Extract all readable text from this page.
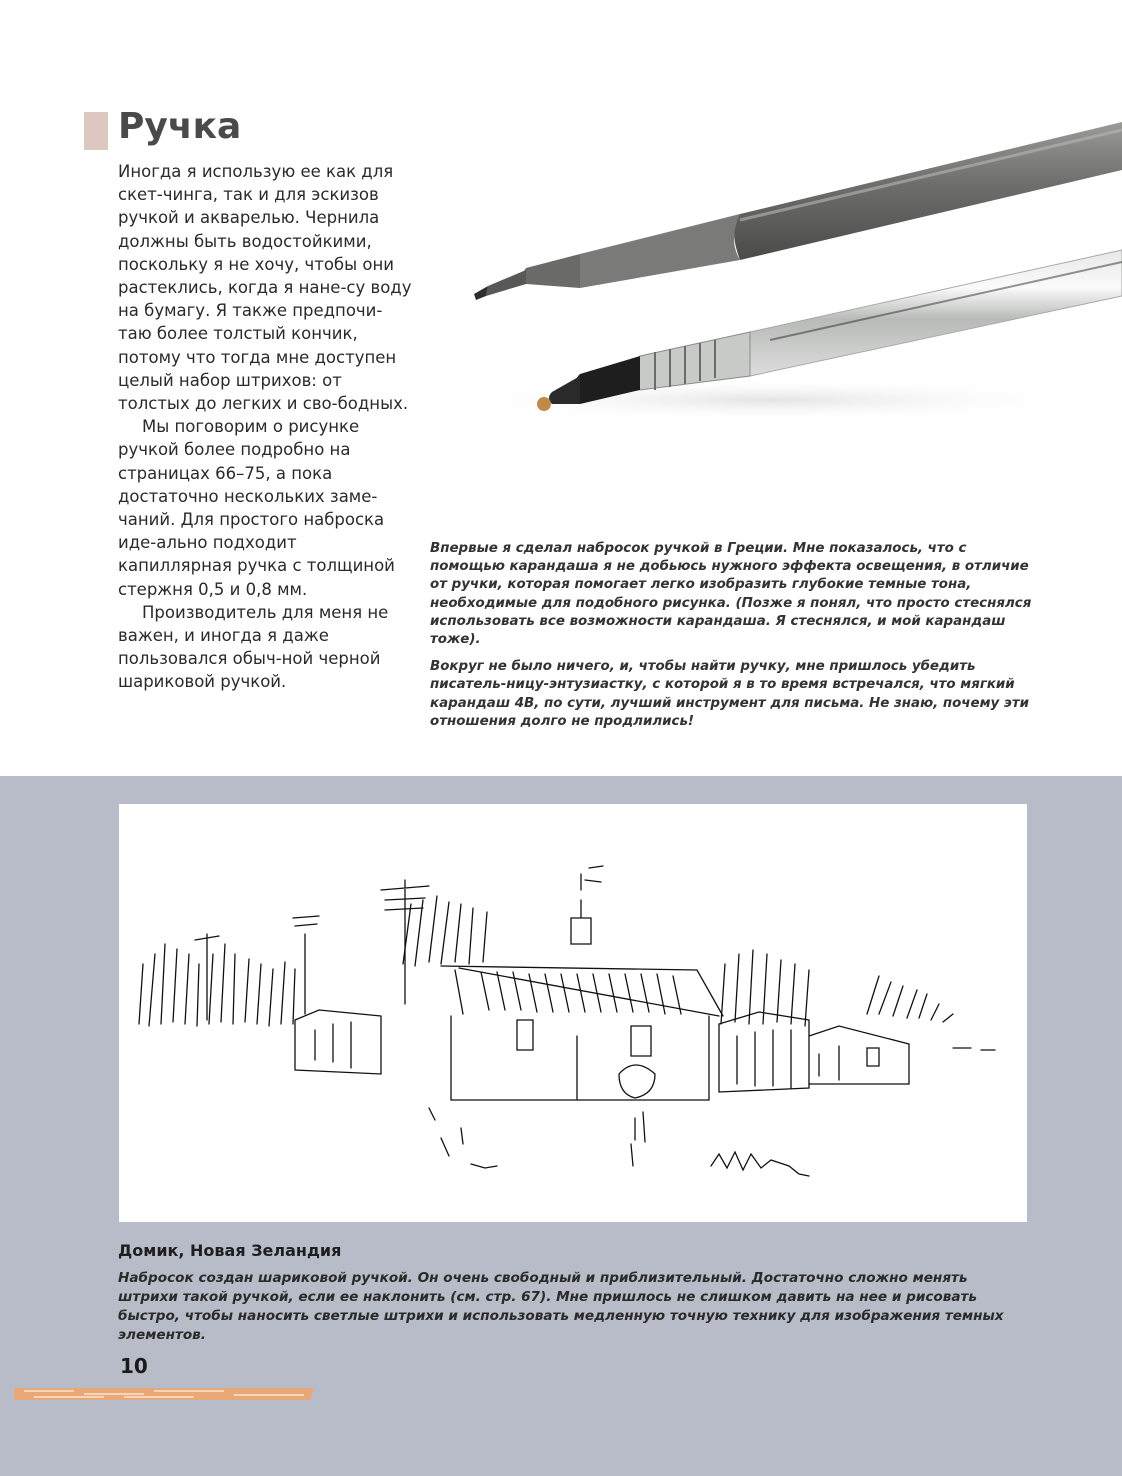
Ручка

Иногда я использую ее как для скет-чинга, так и для эскизов ручкой и акварелью. Чернила должны быть водостойкими, поскольку я не хочу, чтобы они растеклись, когда я нане-су воду на бумагу. Я также предпочи-таю более толстый кончик, потому что тогда мне доступен целый набор штрихов: от толстых до легких и сво-бодных.

Мы поговорим о рисунке ручкой более подробно на страницах 66–75, а пока достаточно нескольких заме-чаний. Для простого наброска иде-ально подходит капиллярная ручка с толщиной стержня 0,5 и 0,8 мм.

Производитель для меня не важен, и иногда я даже пользовался обыч-ной черной шариковой ручкой.

Впервые я сделал набросок ручкой в Греции. Мне показалось, что с помощью карандаша я не добьюсь нужного эффекта освещения, в отличие от ручки, которая помогает легко изобразить глубокие темные тона, необходимые для подобного рисунка. (Позже я понял, что просто стеснялся использовать все возможности карандаша. Я стеснялся, и мой карандаш тоже).

Вокруг не было ничего, и, чтобы найти ручку, мне пришлось убедить писатель-ницу-энтузиастку, с которой я в то время встречался, что мягкий карандаш 4B, по сути, лучший инструмент для письма. Не знаю, почему эти отношения долго не продлились!

Домик, Новая Зеландия
Набросок создан шариковой ручкой. Он очень свободный и приблизительный. Достаточно сложно менять штрихи такой ручкой, если ее наклонить (см. стр. 67). Мне пришлось не слишком давить на нее и рисовать быстро, чтобы наносить светлые штрихи и использовать медленную точную технику для изображения темных элементов.
10
